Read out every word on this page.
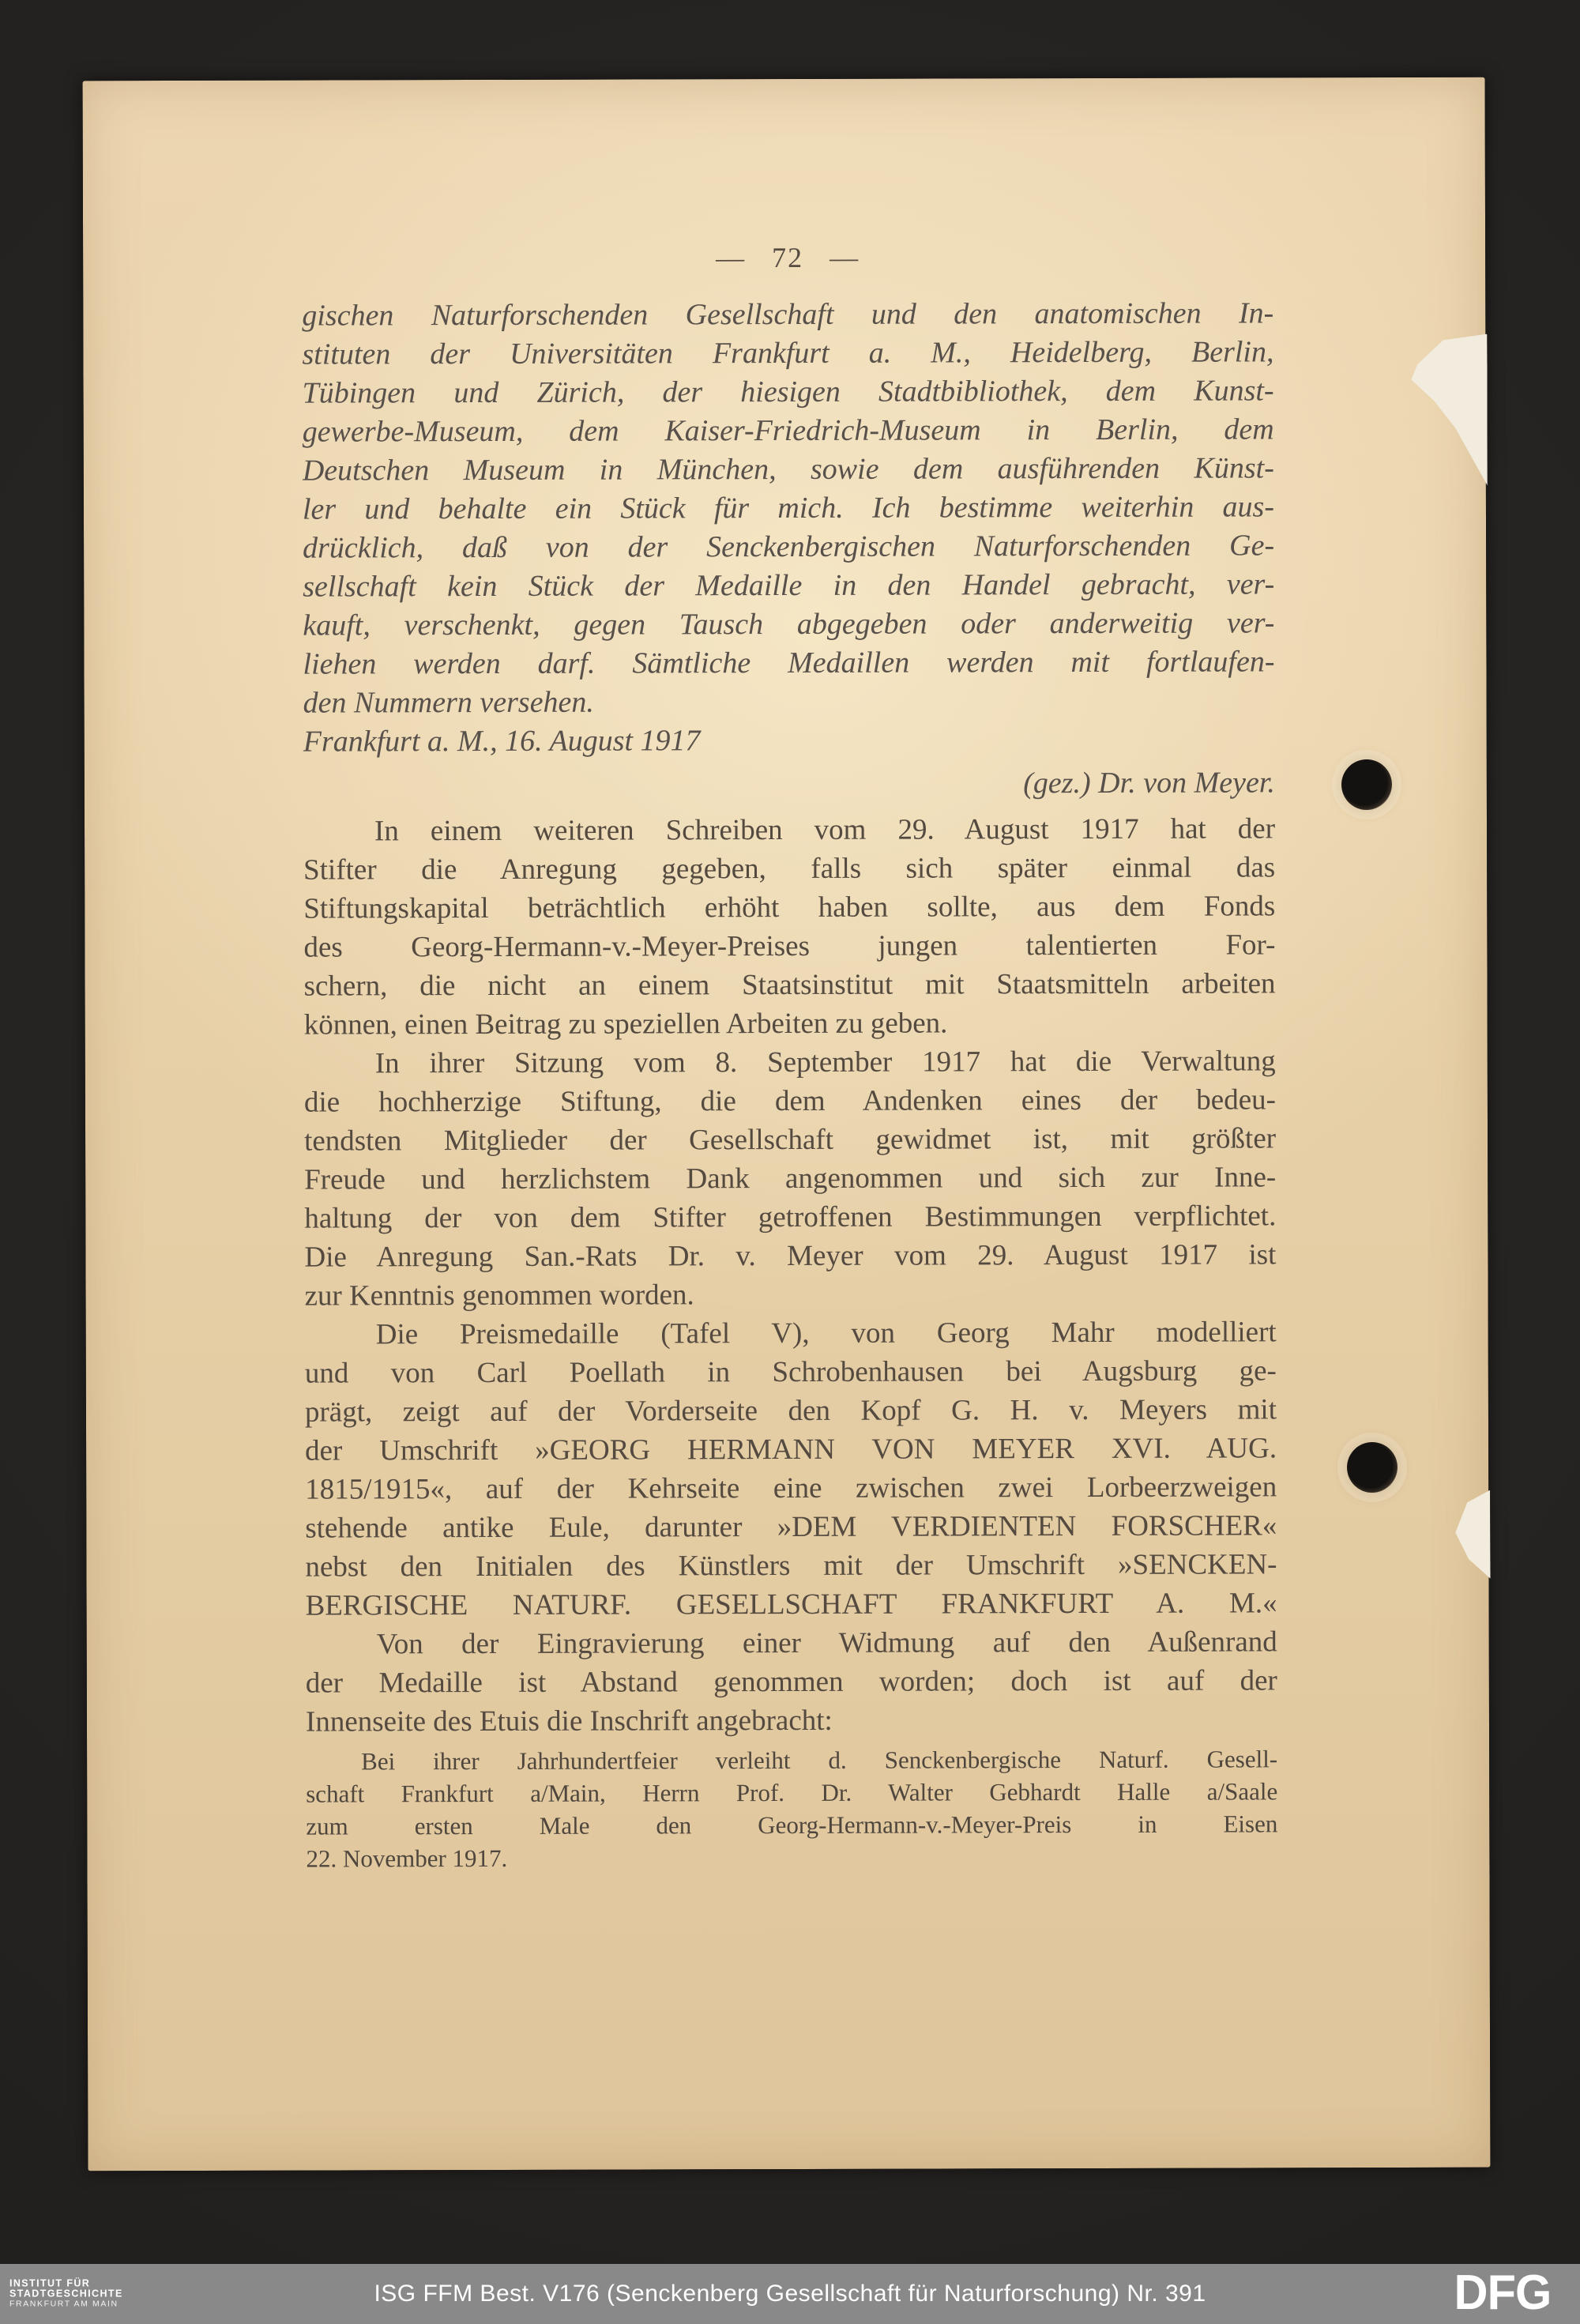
— 72 —
gischen Naturforschenden Gesellschaft und den anatomischen In-
stituten der Universitäten Frankfurt a. M., Heidelberg, Berlin,
Tübingen und Zürich, der hiesigen Stadtbibliothek, dem Kunst-
gewerbe-Museum, dem Kaiser-Friedrich-Museum in Berlin, dem
Deutschen Museum in München, sowie dem ausführenden Künst-
ler und behalte ein Stück für mich. Ich bestimme weiterhin aus-
drücklich, daß von der Senckenbergischen Naturforschenden Ge-
sellschaft kein Stück der Medaille in den Handel gebracht, ver-
kauft, verschenkt, gegen Tausch abgegeben oder anderweitig ver-
liehen werden darf. Sämtliche Medaillen werden mit fortlaufen-
den Nummern versehen.
Frankfurt a. M., 16. August 1917
(gez.) Dr. von Meyer.
In einem weiteren Schreiben vom 29. August 1917 hat der
Stifter die Anregung gegeben, falls sich später einmal das
Stiftungskapital beträchtlich erhöht haben sollte, aus dem Fonds
des Georg-Hermann-v.-Meyer-Preises jungen talentierten For-
schern, die nicht an einem Staatsinstitut mit Staatsmitteln arbeiten
können, einen Beitrag zu speziellen Arbeiten zu geben.
In ihrer Sitzung vom 8. September 1917 hat die Verwaltung
die hochherzige Stiftung, die dem Andenken eines der bedeu-
tendsten Mitglieder der Gesellschaft gewidmet ist, mit größter
Freude und herzlichstem Dank angenommen und sich zur Inne-
haltung der von dem Stifter getroffenen Bestimmungen verpflichtet.
Die Anregung San.-Rats Dr. v. Meyer vom 29. August 1917 ist
zur Kenntnis genommen worden.
Die Preismedaille (Tafel V), von Georg Mahr modelliert
und von Carl Poellath in Schrobenhausen bei Augsburg ge-
prägt, zeigt auf der Vorderseite den Kopf G. H. v. Meyers mit
der Umschrift »GEORG HERMANN VON MEYER XVI. AUG.
1815/1915«, auf der Kehrseite eine zwischen zwei Lorbeerzweigen
stehende antike Eule, darunter »DEM VERDIENTEN FORSCHER«
nebst den Initialen des Künstlers mit der Umschrift »SENCKEN-
BERGISCHE NATURF. GESELLSCHAFT FRANKFURT A. M.«
Von der Eingravierung einer Widmung auf den Außenrand
der Medaille ist Abstand genommen worden; doch ist auf der
Innenseite des Etuis die Inschrift angebracht:
Bei ihrer Jahrhundertfeier verleiht d. Senckenbergische Naturf. Gesell-
schaft Frankfurt a/Main, Herrn Prof. Dr. Walter Gebhardt Halle a/Saale
zum ersten Male den Georg-Hermann-v.-Meyer-Preis in Eisen
22. November 1917.
INSTITUT FÜR
STADTGESCHICHTE
FRANKFURT AM MAIN	ISG FFM Best. V176 (Senckenberg Gesellschaft für Naturforschung) Nr. 391	DFG
